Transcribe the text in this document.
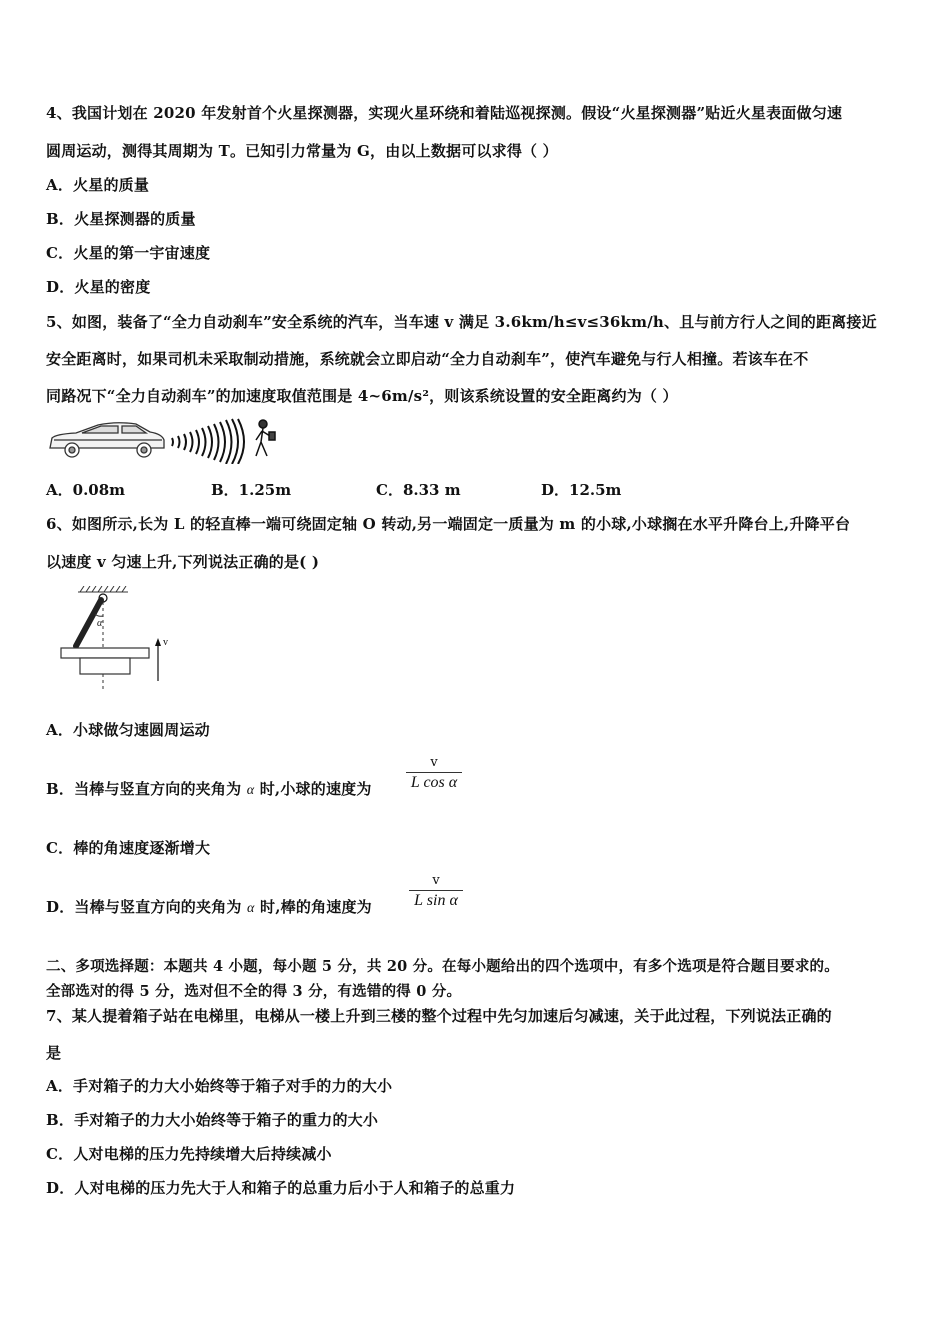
4、我国计划在 2020 年发射首个火星探测器，实现火星环绕和着陆巡视探测。假设“火星探测器”贴近火星表面做匀速
圆周运动，测得其周期为 T。已知引力常量为 G，由以上数据可以求得（ ）
A．火星的质量
B．火星探测器的质量
C．火星的第一宇宙速度
D．火星的密度
5、如图，装备了“全力自动刹车”安全系统的汽车，当车速 v 满足 3.6km/h≤v≤36km/h、且与前方行人之间的距离接近
安全距离时，如果司机未采取制动措施，系统就会立即启动“全力自动刹车”，使汽车避免与行人相撞。若该车在不
同路况下“全力自动刹车”的加速度取值范围是 4~6m/s²，则该系统设置的安全距离约为（ ）
A．0.08m	B．1.25m	C．8.33 m	D．12.5m
6、如图所示,长为 L 的轻直棒一端可绕固定轴 O 转动,另一端固定一质量为 m 的小球,小球搁在水平升降台上,升降平台
以速度 v 匀速上升,下列说法正确的是( )
α
v
A．小球做匀速圆周运动
B．当棒与竖直方向的夹角为 α 时,小球的速度为
v
L cos α
C．棒的角速度逐渐增大
D．当棒与竖直方向的夹角为 α 时,棒的角速度为
v
L sin α
二、多项选择题：本题共 4 小题，每小题 5 分，共 20 分。在每小题给出的四个选项中，有多个选项是符合题目要求的。
全部选对的得 5 分，选对但不全的得 3 分，有选错的得 0 分。
7、某人提着箱子站在电梯里，电梯从一楼上升到三楼的整个过程中先匀加速后匀减速，关于此过程，下列说法正确的
是
A．手对箱子的力大小始终等于箱子对手的力的大小
B．手对箱子的力大小始终等于箱子的重力的大小
C．人对电梯的压力先持续增大后持续减小
D．人对电梯的压力先大于人和箱子的总重力后小于人和箱子的总重力
